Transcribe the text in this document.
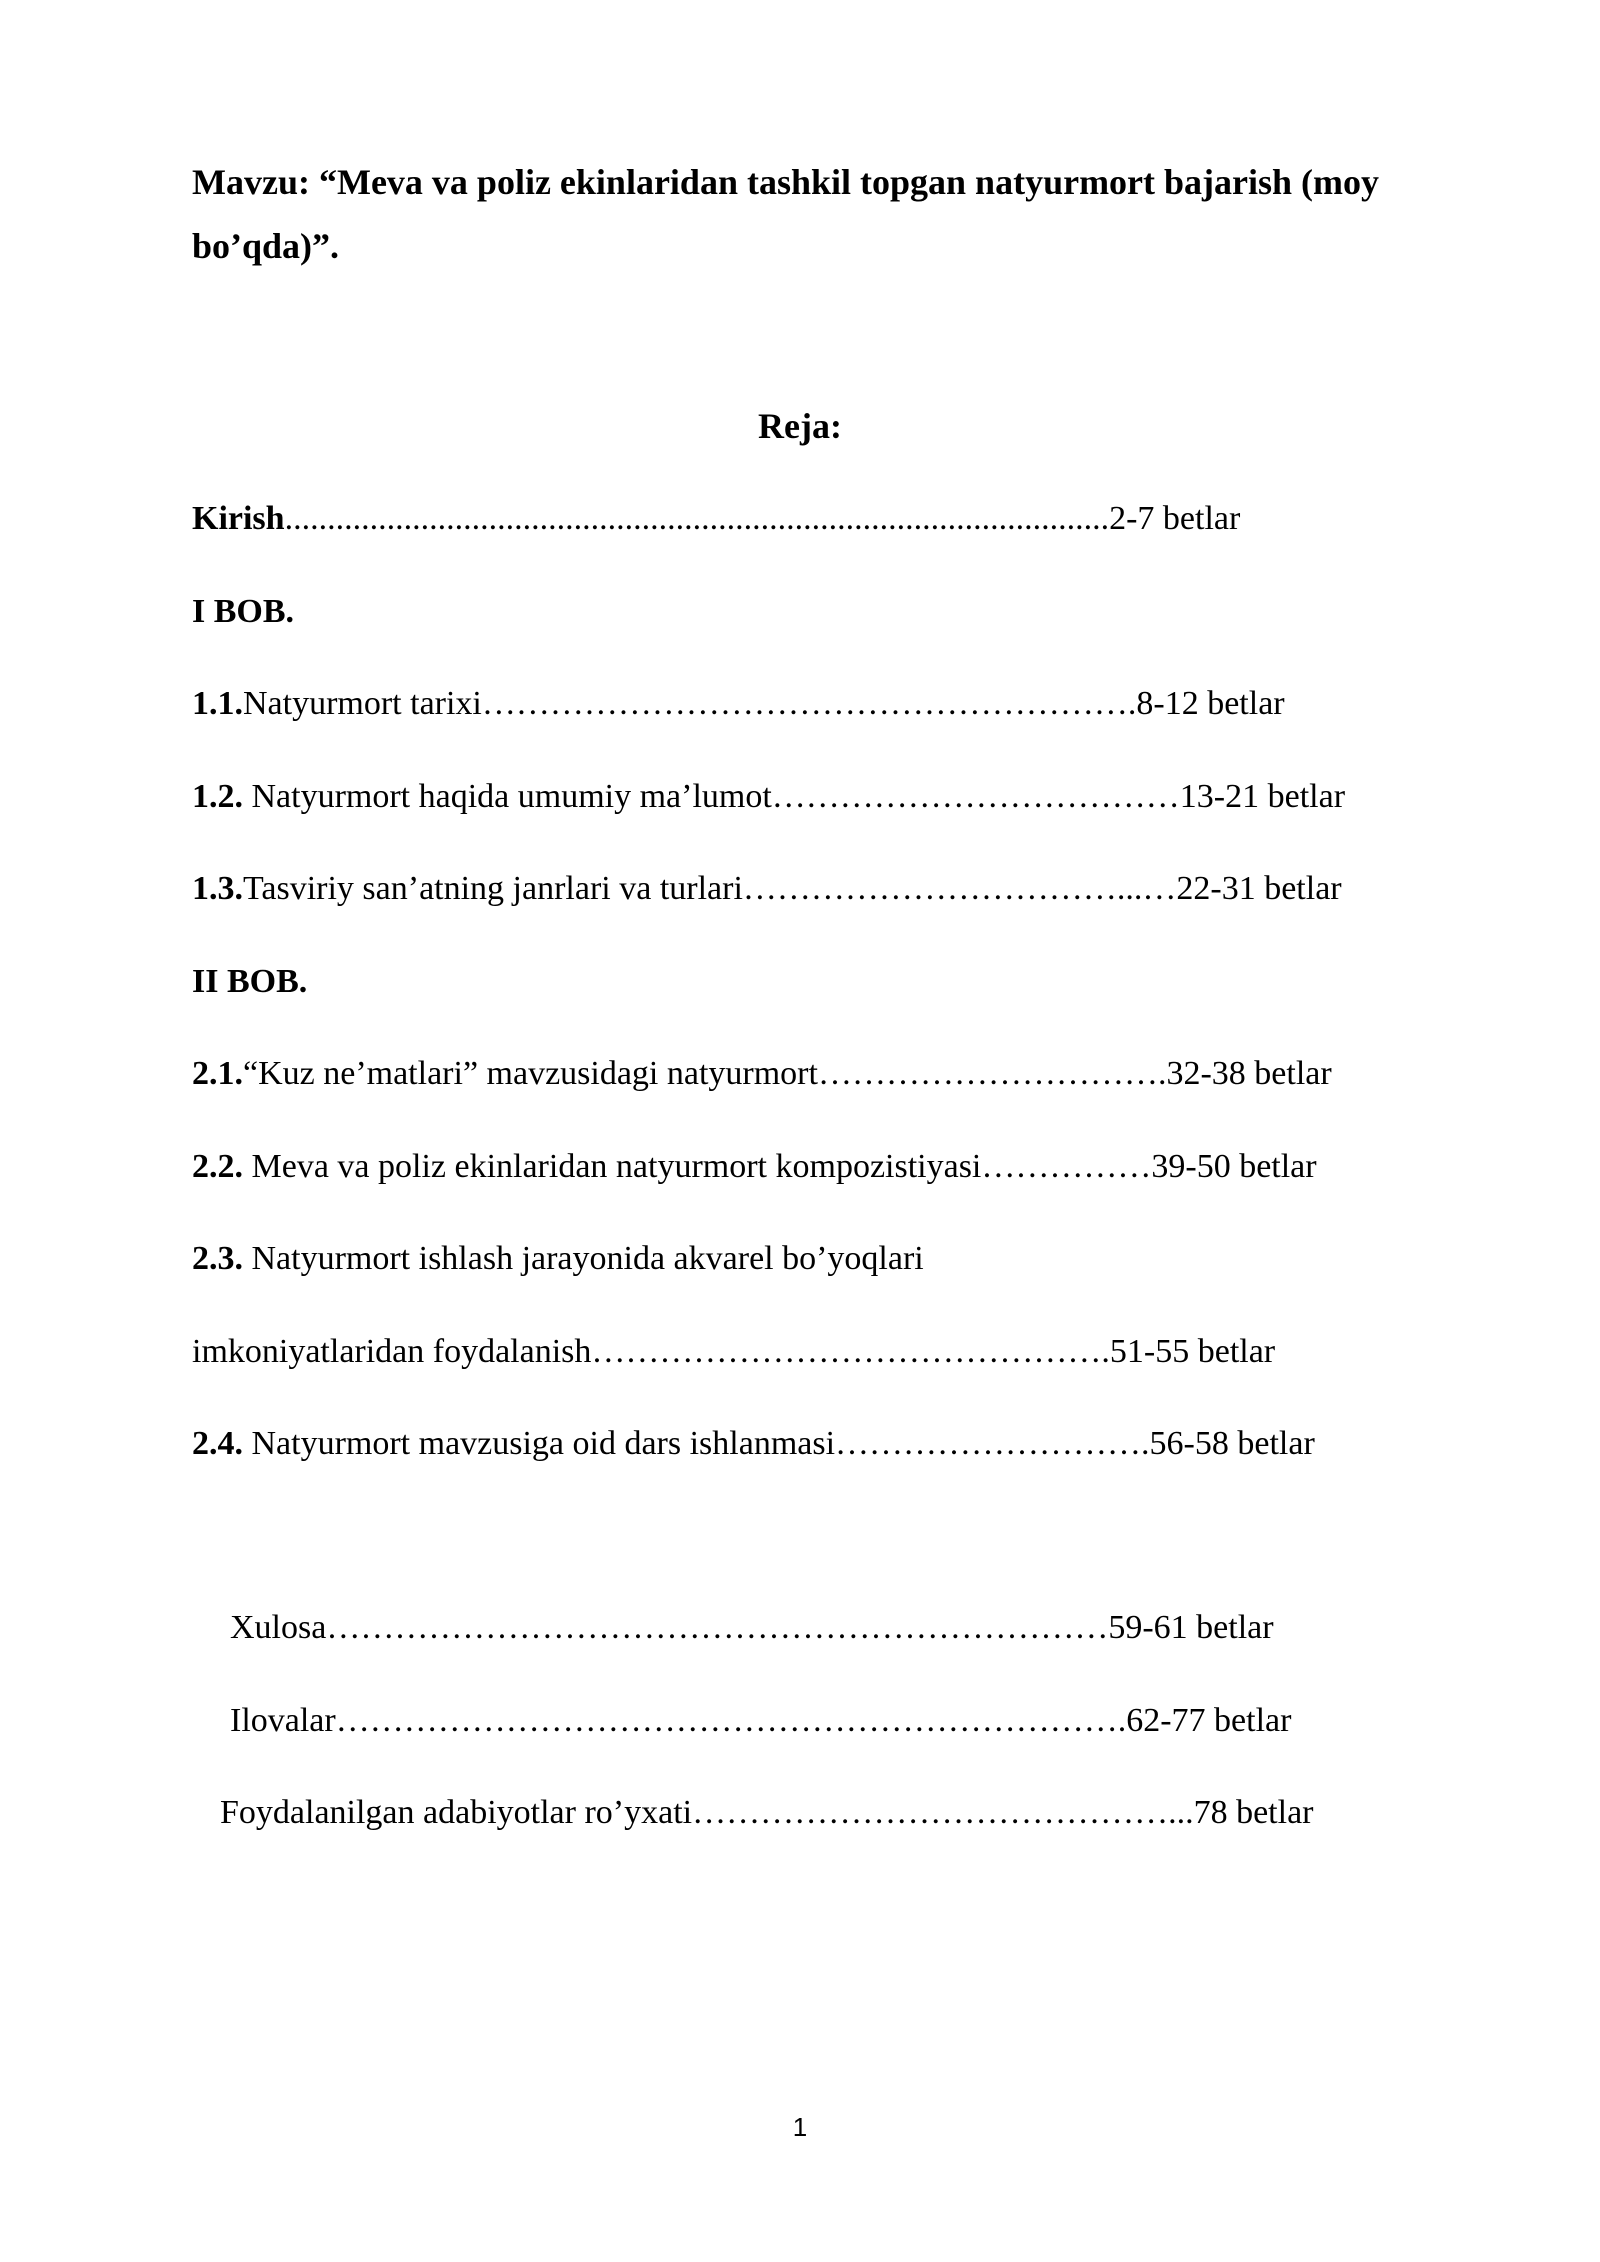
Mavzu: “Meva va poliz ekinlaridan tashkil topgan natyurmort bajarish (moy bo’qda)”.
Reja:
Kirish.................................................................................................2-7 betlar
I BOB.
1.1.Natyurmort tarixi………………………………………………….8-12 betlar
1.2. Natyurmort haqida umumiy ma’lumot………………………………13-21 betlar
1.3.Tasviriy san’atning janrlari va turlari……………………………...…22-31 betlar
II BOB.
2.1.“Kuz ne’matlari” mavzusidagi natyurmort………………………….32-38 betlar
2.2. Meva va poliz ekinlaridan natyurmort kompozistiyasi……………39-50 betlar
2.3. Natyurmort ishlash jarayonida akvarel bo’yoqlari
imkoniyatlaridan foydalanish……………………………………….51-55 betlar
2.4. Natyurmort mavzusiga oid dars ishlanmasi……………………….56-58 betlar
Xulosa……………………………………………………………59-61 betlar
Ilovalar…………………………………………………………….62-77 betlar
Foydalanilgan adabiyotlar ro’yxati……………………………………...78 betlar
1
